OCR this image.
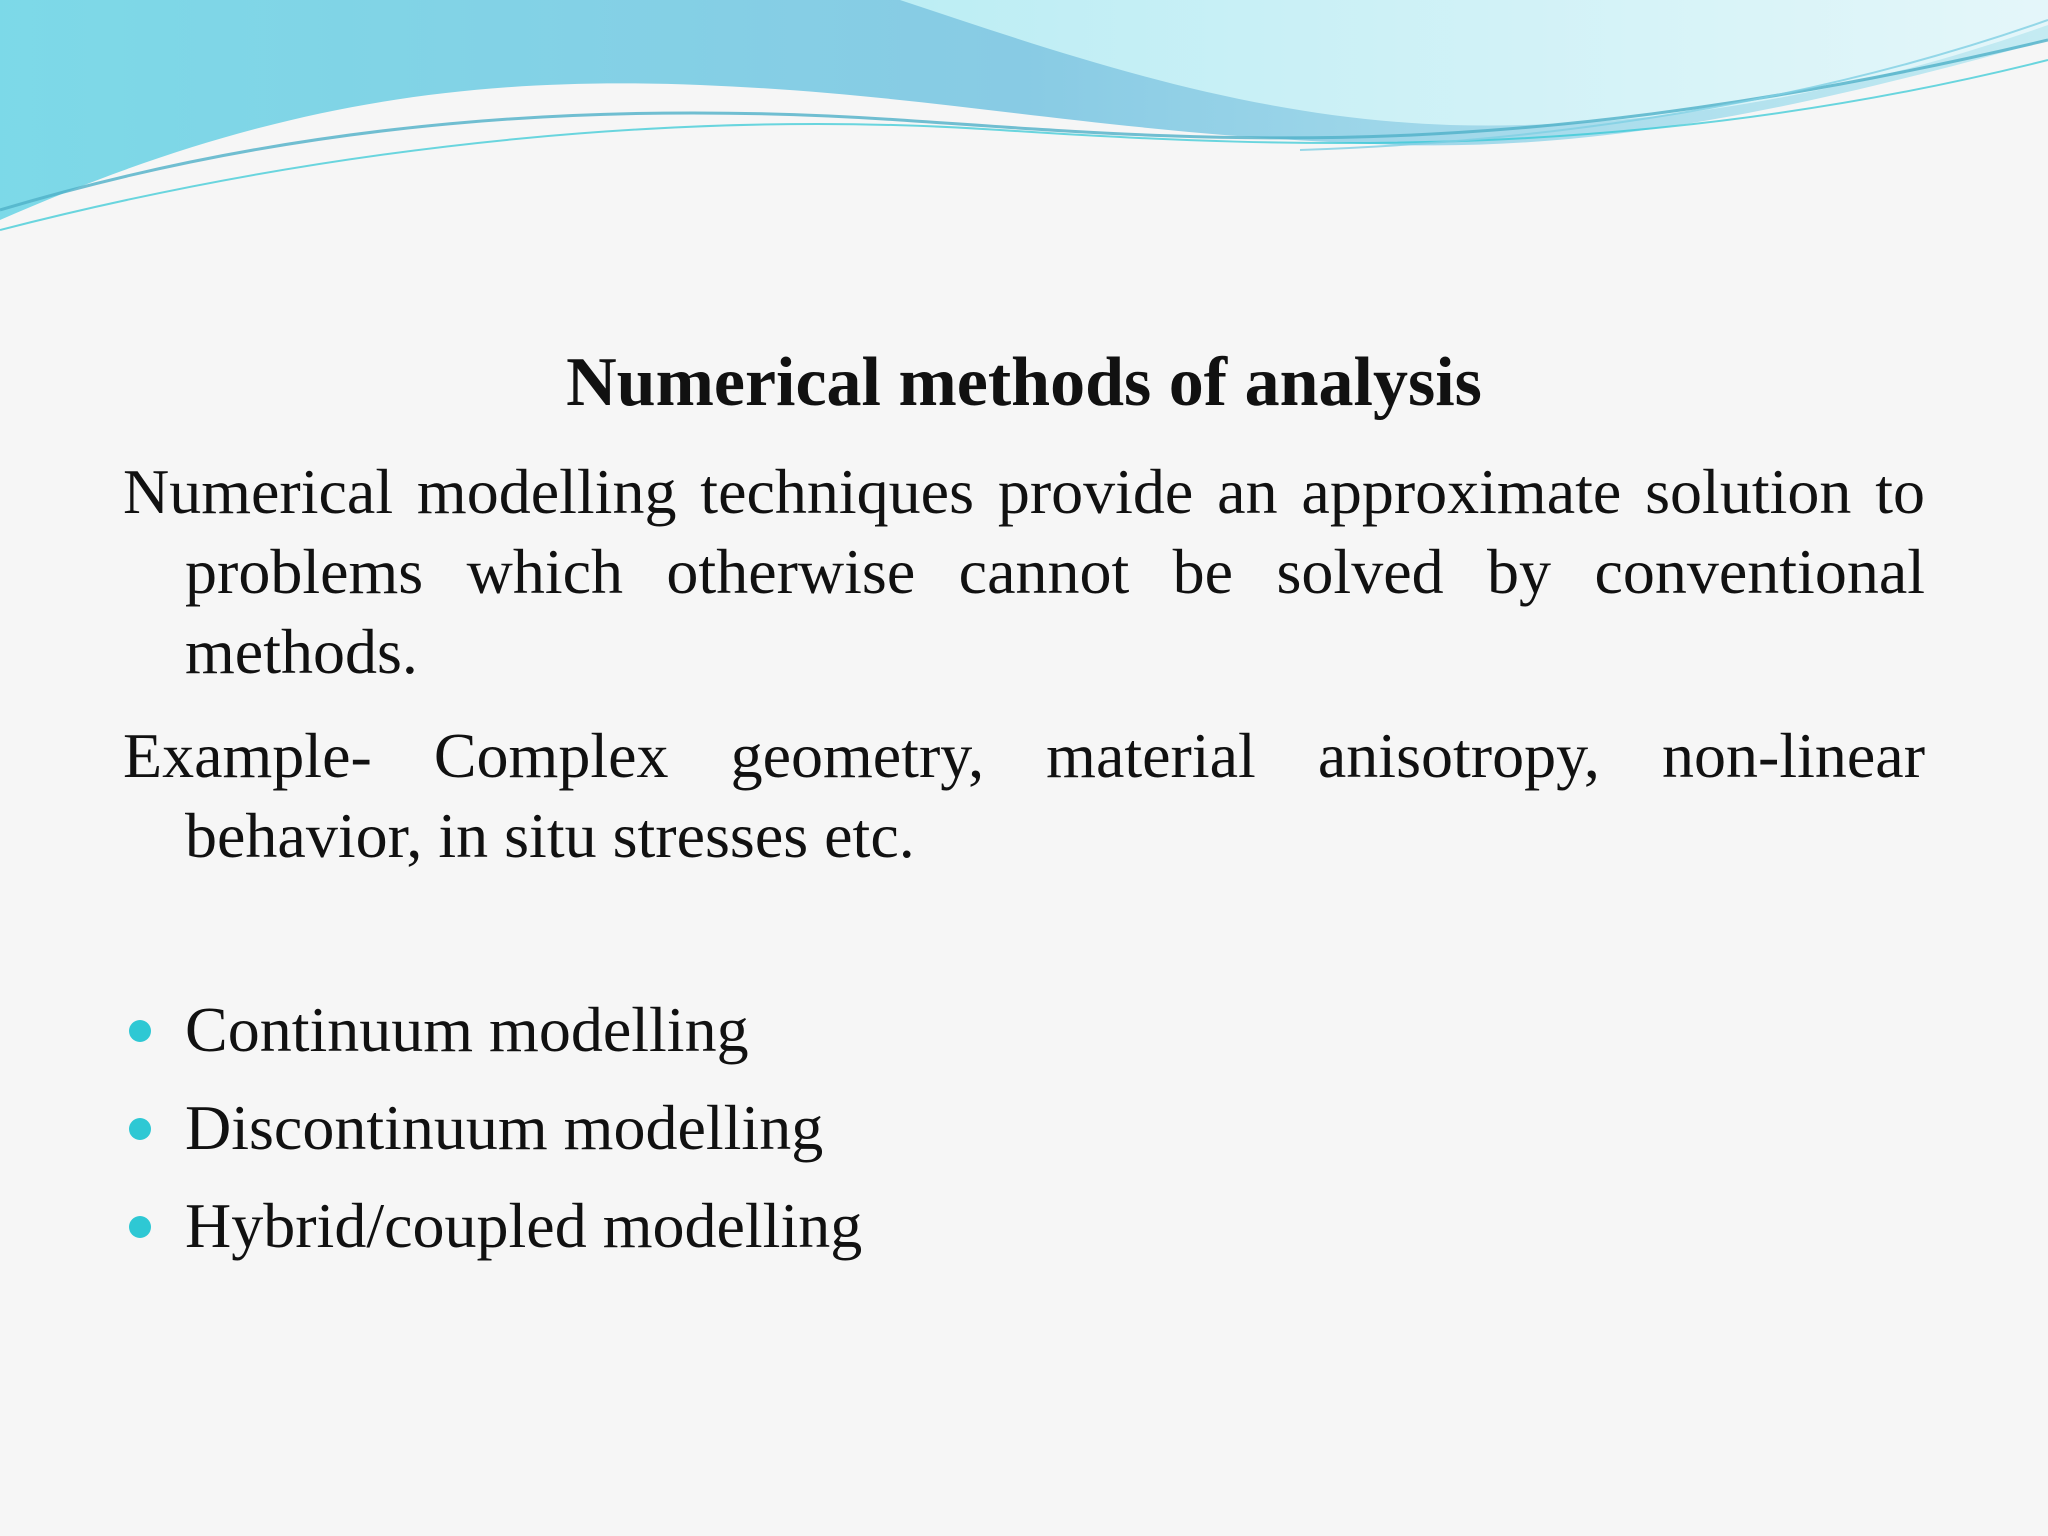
Numerical methods of analysis

Numerical modelling techniques provide an approximate solution to problems which otherwise cannot be solved by conventional methods.

Example- Complex geometry, material anisotropy, non-linear behavior, in situ stresses etc.

Continuum modelling
Discontinuum modelling
Hybrid/coupled modelling
